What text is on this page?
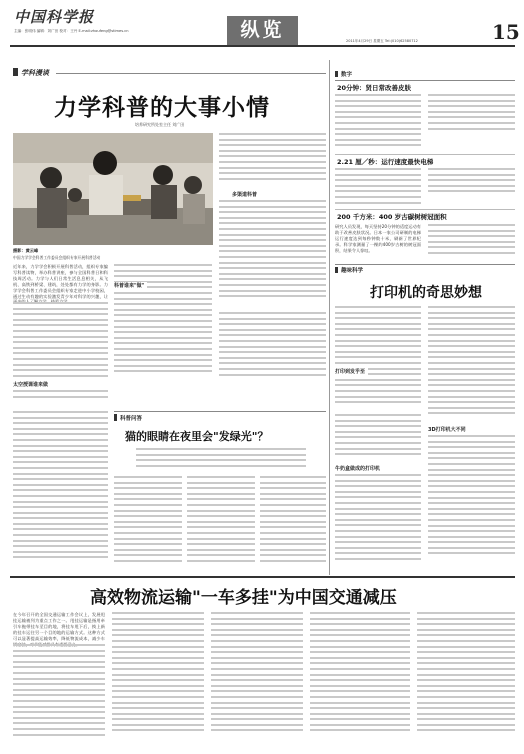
中国科学报
主编：张明伟 编辑：刘广田 校对：王丹 E-mail:zhoufeng@stimes.cn	纵览	2011年4月29日 星期五 Tel:(010)62580712	15
学科漫谈
力学科普的大事小情
培养研究所处室主任 刘广田
摄影：黄云峰
中国力学学会科普工作委员会组织专家开展科普活动
近年来，力学学会积极开展科普活动，组织专家编写科普读物，举办科普讲座，参与全国科普日和科技周活动。力学与人们日常生活息息相关，从飞机、高铁到桥梁、建筑，处处都有力学的身影。力学学会科普工作委员会组织专家走进中小学校园，通过生动有趣的实验激发青少年对科学的兴趣，让
太空授课谁来做
科普谁来"做"
多渠道科普
科普问答
猫的眼睛在夜里会"发绿光"？
数字
20分钟：贤日常改善皮肤
2.21 厘／秒：运行速度最快电梯
200 千方米：400 岁古碳树树冠面积
研究人员发现，每天坚持20分钟的适度运动有助于改善皮肤状况。日本一家公司研制的电梯运行速度达到每秒钟数十米，刷新了世界纪录。科学家测量了一棵约400岁古树的树冠面积，结果令人惊叹。
趣味科学
打印机的奇思妙想
打印到发乎至
牛奶盒做成的打印机
3D打印机大不同
高效物流运输"一车多挂"为中国交通减压
在今年召开的全国交通运输工作会议上，发展甩挂运输被列为重点工作之一。甩挂运输是指用牵引车拖带挂车至目的地，将挂车甩下后，换上新的挂车运往另一个目的地的运输方式。这种方式可以显著提高运输效率，降低物流成本，减少车
